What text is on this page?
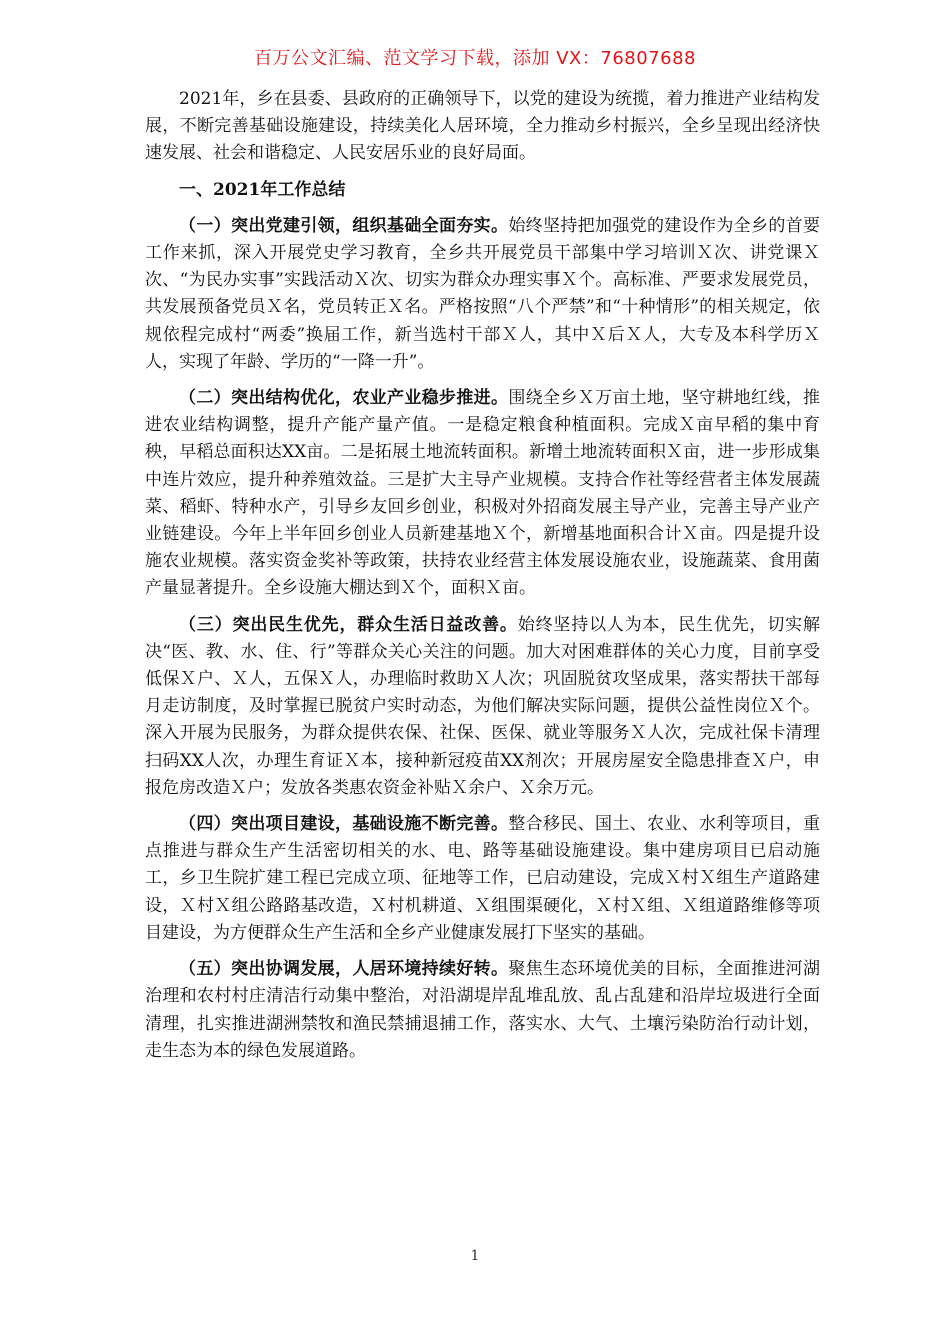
百万公文汇编、范文学习下载，添加 VX：76807688

2021年，乡在县委、县政府的正确领导下，以党的建设为统揽，着力推进产业结构发展，不断完善基础设施建设，持续美化人居环境，全力推动乡村振兴，全乡呈现出经济快速发展、社会和谐稳定、人民安居乐业的良好局面。

一、2021年工作总结

（一）突出党建引领，组织基础全面夯实。始终坚持把加强党的建设作为全乡的首要工作来抓，深入开展党史学习教育，全乡共开展党员干部集中学习培训Ｘ次、讲党课Ｘ次、“为民办实事”实践活动Ｘ次、切实为群众办理实事Ｘ个。高标准、严要求发展党员，共发展预备党员Ｘ名，党员转正Ｘ名。严格按照“八个严禁”和“十种情形”的相关规定，依规依程完成村“两委”换届工作，新当选村干部Ｘ人，其中Ｘ后Ｘ人，大专及本科学历Ｘ人，实现了年龄、学历的“一降一升”。

（二）突出结构优化，农业产业稳步推进。围绕全乡Ｘ万亩土地，坚守耕地红线，推进农业结构调整，提升产能产量产值。一是稳定粮食种植面积。完成Ｘ亩早稻的集中育秧，早稻总面积达XX亩。二是拓展土地流转面积。新增土地流转面积Ｘ亩，进一步形成集中连片效应，提升种养殖效益。三是扩大主导产业规模。支持合作社等经营者主体发展蔬菜、稻虾、特种水产，引导乡友回乡创业，积极对外招商发展主导产业，完善主导产业产业链建设。今年上半年回乡创业人员新建基地Ｘ个，新增基地面积合计Ｘ亩。四是提升设施农业规模。落实资金奖补等政策，扶持农业经营主体发展设施农业，设施蔬菜、食用菌产量显著提升。全乡设施大棚达到Ｘ个，面积Ｘ亩。

（三）突出民生优先，群众生活日益改善。始终坚持以人为本，民生优先，切实解决“医、教、水、住、行”等群众关心关注的问题。加大对困难群体的关心力度，目前享受低保Ｘ户、Ｘ人，五保Ｘ人，办理临时救助Ｘ人次；巩固脱贫攻坚成果，落实帮扶干部每月走访制度，及时掌握已脱贫户实时动态，为他们解决实际问题，提供公益性岗位Ｘ个。深入开展为民服务，为群众提供农保、社保、医保、就业等服务Ｘ人次，完成社保卡清理扫码XX人次，办理生育证Ｘ本，接种新冠疫苗XX剂次；开展房屋安全隐患排查Ｘ户，申报危房改造Ｘ户；发放各类惠农资金补贴Ｘ余户、Ｘ余万元。

（四）突出项目建设，基础设施不断完善。整合移民、国土、农业、水利等项目，重点推进与群众生产生活密切相关的水、电、路等基础设施建设。集中建房项目已启动施工，乡卫生院扩建工程已完成立项、征地等工作，已启动建设，完成Ｘ村Ｘ组生产道路建设，Ｘ村Ｘ组公路路基改造，Ｘ村机耕道、Ｘ组围渠硬化，Ｘ村Ｘ组、Ｘ组道路维修等项目建设，为方便群众生产生活和全乡产业健康发展打下坚实的基础。

（五）突出协调发展，人居环境持续好转。聚焦生态环境优美的目标，全面推进河湖治理和农村村庄清洁行动集中整治，对沿湖堤岸乱堆乱放、乱占乱建和沿岸垃圾进行全面清理，扎实推进湖洲禁牧和渔民禁捕退捕工作，落实水、大气、土壤污染防治行动计划，走生态为本的绿色发展道路。

1
